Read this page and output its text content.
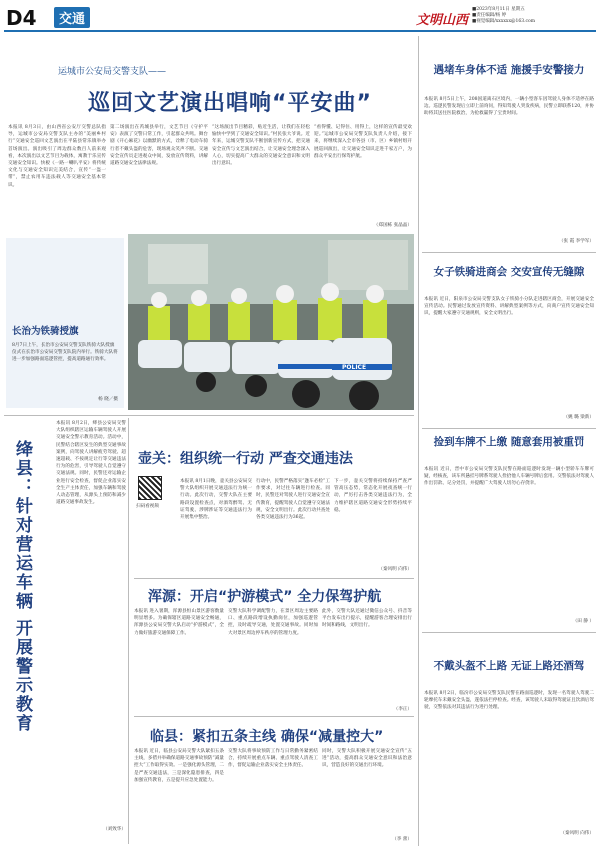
D4	交通	文明山西
■2023年8月11日 星期五
■责任编辑/杨 婷
■视觉编辑/xxxxxx@163.com
运城市公安局交警支队——
巡回文艺演出唱响“平安曲”
本报讯 8月3日，由山西省公安厅交警总队指导，运城市公安局交警支队主办的“美丽乡村行”交通安全巡回文艺演出在平陆县常乐镇举办首场演出。演出吸引了周边群众数百人前来观看，本次演出以文艺节目为载体，寓教于乐宣传交通安全知识。快板《一路一喇叭平安》将传统文化与交通安全知识完美结合，宣传“一盔一带”，禁止农用车违法载人等交通安全基本常识。
第二场演出在芮城县举行，文艺节目《守护平安》表演了交警日常工作，引起群众共鸣。舞台剧《开心麻花》以幽默的方式，诠释了电动车骑行者不戴头盔的危害，现场观众笑声不断。交通安全宣传员走进观众中间，发放宣传资料，讲解道路交通安全法律法规。
“这场演出节目精彩，贴近生活，让我们在轻松愉快中学到了交通安全知识。”村民张大爷说。近年来，运城交警支队不断创新宣传方式，把交通安全宣传与文艺演出结合，让交通安全理念深入人心，切实提高广大群众的交通安全意识和文明出行意识。
“看得懂、记得住、用得上，这样的宣传最受欢迎。”运城市公安局交警支队负责人介绍，接下来，将继续深入全市各县（市、区）乡镇村组开展巡回演出，让交通安全知识走进千家万户，为群众平安出行保驾护航。
（郑国栋 张晶晶）
POLICE
长治为铁骑授旗
8月7日上午，长治市公安局交警支队铁骑大队授旗仪式在长治市公安局交警支队院内举行。铁骑大队将进一步加强路面巡逻管控，提高道路通行效率。
杨 晓／摄
绛县：针对营运车辆 开展警示教育
本报讯 8月2日，绛县公安局交警大队组织辖区运输车辆驾驶人开展交通安全警示教育活动。活动中，民警结合辖区发生的典型交通事故案例，向驾驶人讲解疲劳驾驶、超速超载、不按规定让行等交通违法行为的危害，引导驾驶人自觉遵守交通法规。同时，民警还对运输企业进行安全检查，督促企业落实安全生产主体责任，加强车辆和驾驶人动态管理，从源头上预防和减少道路交通事故发生。
（刘致华）
壶关：组织统一行动 严查交通违法
扫码看视频
本报讯 8月1日晚，壶关县公安局交警大队组织开展交通违法行为统一行动。此次行动，交警大队在主要路段设置检查点，对酒驾醉驾、无证驾驶、涉牌涉证等交通违法行为开展集中整治。
行动中，民警严格落实“逢车必检”工作要求，对过往车辆进行检查。同时，民警还对驾驶人进行交通安全宣传教育，提醒驾驶人自觉遵守交通法规，安全文明出行。此次行动共查处各类交通违法行为36起。
下一步，壶关交警将持续保持严查严管高压态势，常态化开展夜查统一行动，严厉打击各类交通违法行为，全力维护辖区道路交通安全形势持续平稳。
（秦风明 向伟）
浑源：开启“护游模式” 全力保驾护航
本报讯 进入暑期，浑源县恒山景区游客数量明显增多。为确保辖区道路交通安全畅通，浑源县公安局交警大队启动“护游模式”，全力做好旅游交通保障工作。
交警大队科学调配警力，在景区周边主要路口、重点路段增设执勤岗位，加强巡逻管控，及时疏导交通，处置交通事故。同时加大对景区周边停车秩序的管理力度。
此外，交警大队还通过微信公众号、抖音等平台发布出行提示，提醒游客合理安排出行时间和路线，文明出行。
（李正）
临县：紧扣五条主线 确保“减量控大”
本报讯 近日，临县公安局交警大队紧扣五条主线，多措并举确保道路交通事故预防“减量控大”工作取得实效。一是强化源头管理，二是严查交通违法，三是深化隐患排查，四是加强宣传教育，五是提升应急处置能力。
交警大队将事故预防工作与日常勤务紧密结合，持续开展重点车辆、重点驾驶人清查工作，督促运输企业落实安全主体责任。
同时，交警大队积极开展交通安全宣传“五进”活动，提高群众交通安全意识和法治意识，营造良好的交通出行环境。
（李 蕾）
遇堵车身体不适 施援手安警接力
本报讯 8月5日上午，208国道离石区境内，一辆小型客车因驾驶人身体不适停在路边。巡逻民警发现后立即上前询问，得知驾驶人突发疾病，民警立即联系120，并协助将其送往医院救治，为抢救赢得了宝贵时间。
（张 霞 李学军）
女子铁骑进商会 交安宣传无缝隙
本报讯 近日，阳泉市公安局交警支队女子铁骑小分队走进辖区商会，开展交通安全宣传活动。民警通过发放宣传资料、讲解典型案例等方式，向商户宣传交通安全知识，提醒大家遵守交通规则，安全文明出行。
（姚 璐 梁新）
捡到车牌不上缴 随意套用被重罚
本报讯 近日，晋中市公安局交警支队民警在路面巡逻时发现一辆小型轿车车牌可疑，经核查，该车所悬挂号牌系驾驶人捡拾他人车辆号牌后套用。交警依法对驾驶人作出罚款、记分处罚，并提醒广大驾驶人切勿心存侥幸。
（田 静 ）
不戴头盔不上路 无证上路还酒驾
本报讯 8月2日，临汾市公安局交警支队民警在路面巡逻时，发现一名驾驶人驾驶二轮摩托车未戴安全头盔，遂依法拦停检查。经查，该驾驶人未取得驾驶证且饮酒后驾驶，交警依法对其违法行为进行处理。
（秦风明 向伟）
